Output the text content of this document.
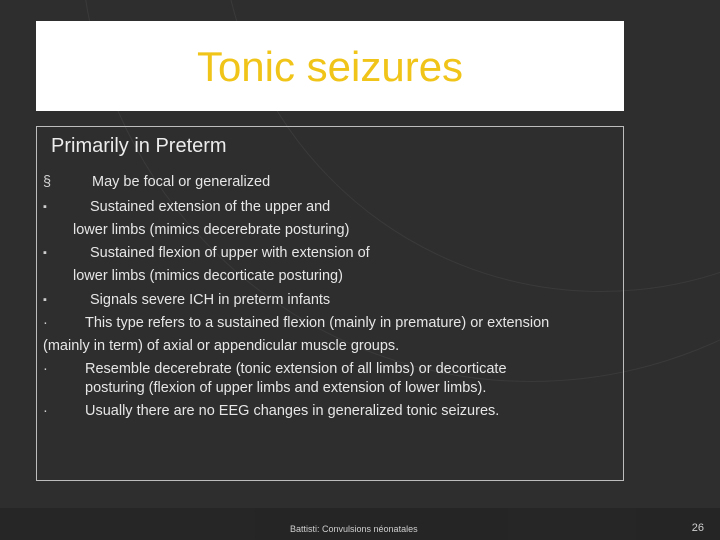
Tonic seizures
Primarily in Preterm
§	May be focal or generalized
▪	Sustained extension of the upper and
lower limbs (mimics decerebrate posturing)
▪	Sustained flexion of upper with extension of
lower limbs (mimics decorticate posturing)
▪	Signals severe ICH in preterm infants
·	This type refers to a sustained flexion (mainly in premature) or extension
(mainly in term) of axial or appendicular muscle groups.
·	Resemble decerebrate (tonic extension of all limbs) or decorticate
posturing (flexion of upper limbs and extension of lower limbs).
·	Usually there are no EEG changes in generalized tonic seizures.
Battisti: Convulsions néonatales	26
